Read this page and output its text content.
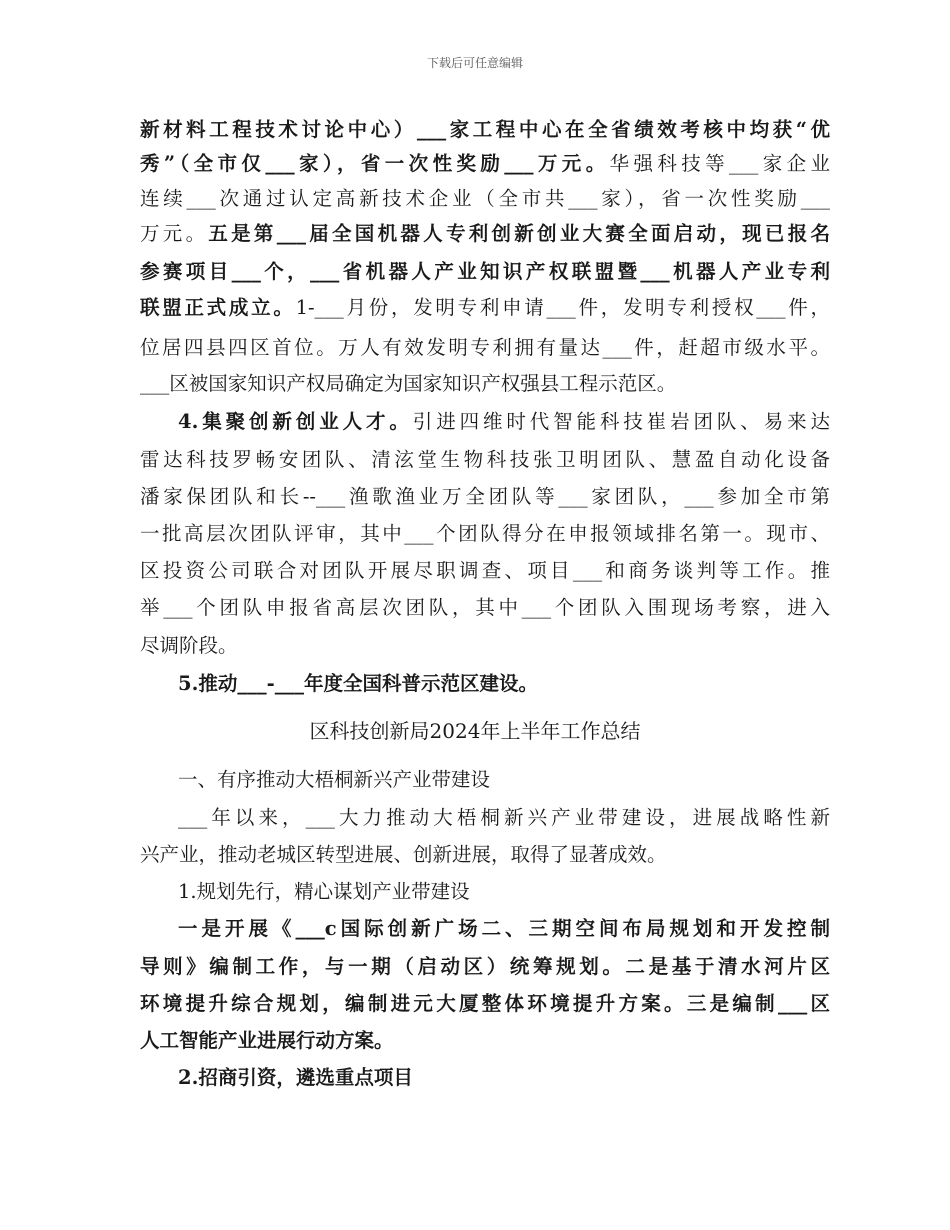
下载后可任意编辑
新材料工程技术讨论中心）___家工程中心在全省绩效考核中均获“优
秀”（全市仅___家），省一次性奖励___万元。华强科技等___家企业
连续___次通过认定高新技术企业（全市共___家），省一次性奖励___
万元。五是第___届全国机器人专利创新创业大赛全面启动，现已报名
参赛项目___个，___省机器人产业知识产权联盟暨___机器人产业专利
联盟正式成立。1-___月份，发明专利申请___件，发明专利授权___件，
位居四县四区首位。万人有效发明专利拥有量达___件，赶超市级水平。
___区被国家知识产权局确定为国家知识产权强县工程示范区。
4.集聚创新创业人才。引进四维时代智能科技崔岩团队、易来达
雷达科技罗畅安团队、清泫堂生物科技张卫明团队、慧盈自动化设备
潘家保团队和长--___渔歌渔业万全团队等___家团队，___参加全市第
一批高层次团队评审，其中___个团队得分在申报领域排名第一。现市、
区投资公司联合对团队开展尽职调查、项目___和商务谈判等工作。推
举___个团队申报省高层次团队，其中___个团队入围现场考察，进入
尽调阶段。
5.推动___-___年度全国科普示范区建设。
区科技创新局2024年上半年工作总结
一、有序推动大梧桐新兴产业带建设
___年以来，___大力推动大梧桐新兴产业带建设，进展战略性新
兴产业，推动老城区转型进展、创新进展，取得了显著成效。
1.规划先行，精心谋划产业带建设
一是开展《___c国际创新广场二、三期空间布局规划和开发控制
导则》编制工作，与一期（启动区）统筹规划。二是基于清水河片区
环境提升综合规划，编制进元大厦整体环境提升方案。三是编制___区
人工智能产业进展行动方案。
2.招商引资，遴选重点项目
